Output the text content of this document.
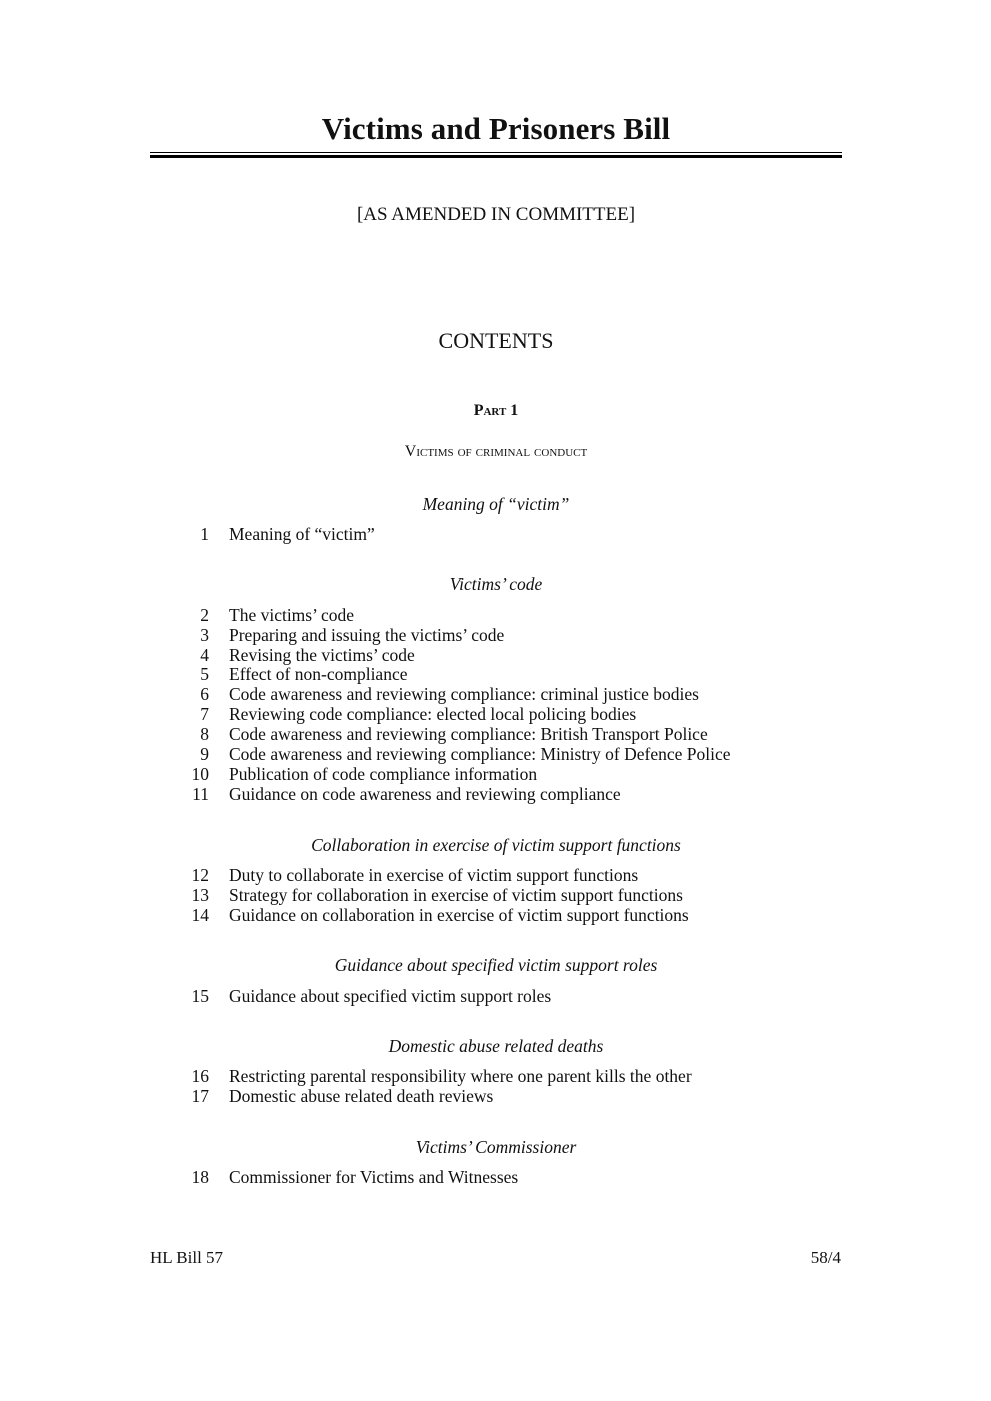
Victims and Prisoners Bill
[AS AMENDED IN COMMITTEE]
CONTENTS
Part 1
Victims of criminal conduct
Meaning of “victim”
1 Meaning of “victim”
Victims’ code
2 The victims’ code
3 Preparing and issuing the victims’ code
4 Revising the victims’ code
5 Effect of non-compliance
6 Code awareness and reviewing compliance: criminal justice bodies
7 Reviewing code compliance: elected local policing bodies
8 Code awareness and reviewing compliance: British Transport Police
9 Code awareness and reviewing compliance: Ministry of Defence Police
10 Publication of code compliance information
11 Guidance on code awareness and reviewing compliance
Collaboration in exercise of victim support functions
12 Duty to collaborate in exercise of victim support functions
13 Strategy for collaboration in exercise of victim support functions
14 Guidance on collaboration in exercise of victim support functions
Guidance about specified victim support roles
15 Guidance about specified victim support roles
Domestic abuse related deaths
16 Restricting parental responsibility where one parent kills the other
17 Domestic abuse related death reviews
Victims’ Commissioner
18 Commissioner for Victims and Witnesses
HL Bill 57	58/4
